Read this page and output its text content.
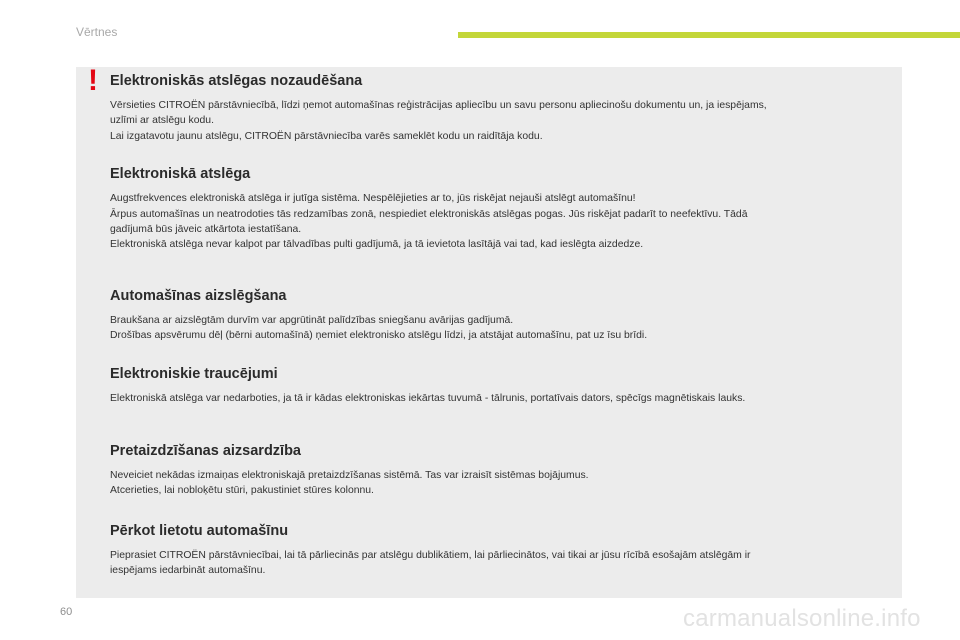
Vērtnes
Elektroniskās atslēgas nozaudēšana
Vērsieties CITROËN pārstāvniecībā, līdzi ņemot automašīnas reģistrācijas apliecību un savu personu apliecinošu dokumentu un, ja iespējams,
uzlīmi ar atslēgu kodu.
Lai izgatavotu jaunu atslēgu, CITROËN pārstāvniecība varēs sameklēt kodu un raidītāja kodu.
Elektroniskā atslēga
Augstfrekvences elektroniskā atslēga ir jutīga sistēma. Nespēlējieties ar to, jūs riskējat nejauši atslēgt automašīnu!
Ārpus automašīnas un neatrodoties tās redzamības zonā, nespiediet elektroniskās atslēgas pogas. Jūs riskējat padarīt to neefektīvu. Tādā
gadījumā būs jāveic atkārtota iestatīšana.
Elektroniskā atslēga nevar kalpot par tālvadības pulti gadījumā, ja tā ievietota lasītājā vai tad, kad ieslēgta aizdedze.
Automašīnas aizslēgšana
Braukšana ar aizslēgtām durvīm var apgrūtināt palīdzības sniegšanu avārijas gadījumā.
Drošības apsvērumu dēļ (bērni automašīnā) ņemiet elektronisko atslēgu līdzi, ja atstājat automašīnu, pat uz īsu brīdi.
Elektroniskie traucējumi
Elektroniskā atslēga var nedarboties, ja tā ir kādas elektroniskas iekārtas tuvumā - tālrunis, portatīvais dators, spēcīgs magnētiskais lauks.
Pretaizdzīšanas aizsardzība
Neveiciet nekādas izmaiņas elektroniskajā pretaizdzīšanas sistēmā. Tas var izraisīt sistēmas bojājumus.
Atcerieties, lai nobloķētu stūri, pakustiniet stūres kolonnu.
Pērkot lietotu automašīnu
Pieprasiet CITROËN pārstāvniecībai, lai tā pārliecinās par atslēgu dublikātiem, lai pārliecinātos, vai tikai ar jūsu rīcībā esošajām atslēgām ir
iespējams iedarbināt automašīnu.
!
60	carmanualsonline.info
